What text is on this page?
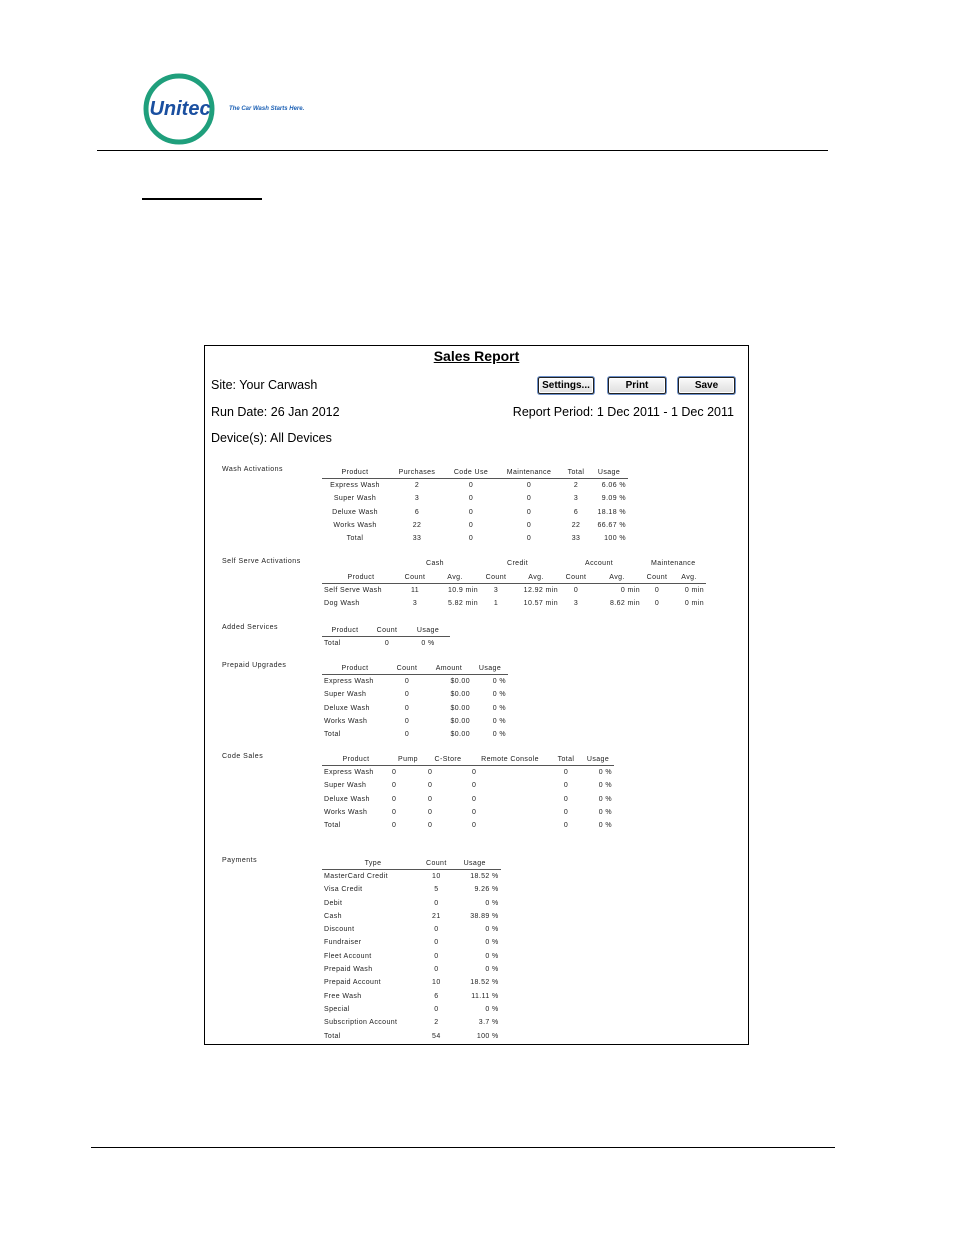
Unitec	The Car Wash Starts Here.
Sales Report
Site: Your Carwash	Settings...	Print	Save
Run Date: 26 Jan 2012	Report Period: 1 Dec 2011 - 1 Dec 2011
Device(s): All Devices
Wash Activations	Product	Purchases	Code Use	Maintenance	Total	Usage
Express Wash	2	0	0	2	6.06 %
Super Wash	3	0	0	3	9.09 %
Deluxe Wash	6	0	0	6	18.18 %
Works Wash	22	0	0	22	66.67 %
Total	33	0	0	33	100 %
Self Serve Activations	Cash	Credit	Account	Maintenance
Product	Count	Avg.	Count	Avg.	Count	Avg.	Count	Avg.
Self Serve Wash	11	10.9 min	3	12.92 min	0	0 min	0	0 min
Dog Wash	3	5.82 min	1	10.57 min	3	8.62 min	0	0 min
Added Services	Product	Count	Usage
Total	0	0 %
Prepaid Upgrades	Product	Count	Amount	Usage
Express Wash	0	$0.00	0 %
Super Wash	0	$0.00	0 %
Deluxe Wash	0	$0.00	0 %
Works Wash	0	$0.00	0 %
Total	0	$0.00	0 %
Code Sales	Product	Pump	C-Store	Remote Console	Total	Usage
Express Wash	0	0	0	0	0 %
Super Wash	0	0	0	0	0 %
Deluxe Wash	0	0	0	0	0 %
Works Wash	0	0	0	0	0 %
Total	0	0	0	0	0 %
Payments	Type	Count	Usage
MasterCard Credit	10	18.52 %
Visa Credit	5	9.26 %
Debit	0	0 %
Cash	21	38.89 %
Discount	0	0 %
Fundraiser	0	0 %
Fleet Account	0	0 %
Prepaid Wash	0	0 %
Prepaid Account	10	18.52 %
Free Wash	6	11.11 %
Special	0	0 %
Subscription Account	2	3.7 %
Total	54	100 %
